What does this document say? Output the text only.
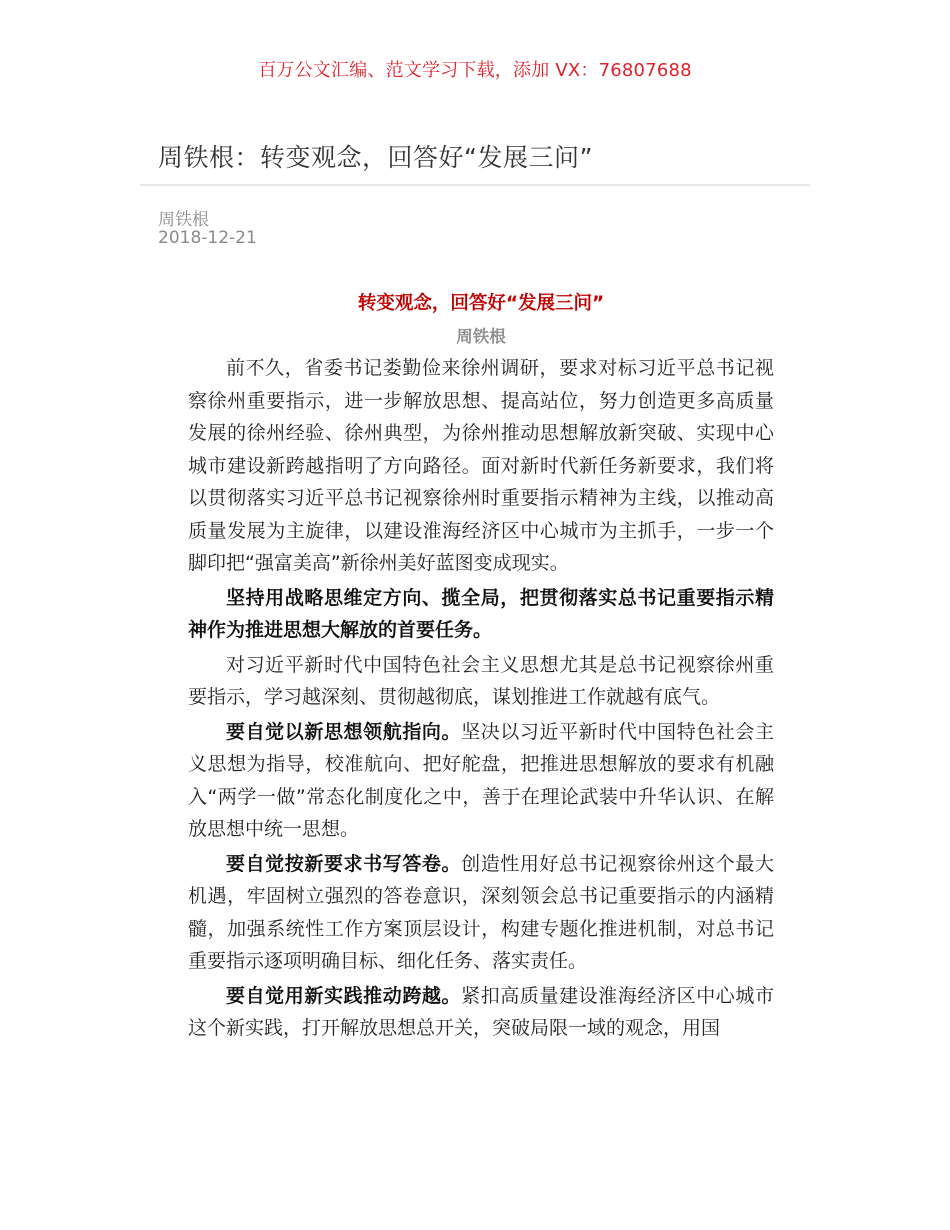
百万公文汇编、范文学习下载，添加 VX：76807688
周铁根：转变观念，回答好“发展三问”
周铁根
2018-12-21
转变观念，回答好“发展三问”
周铁根

前不久，省委书记娄勤俭来徐州调研，要求对标习近平总书记视察徐州重要指示，进一步解放思想、提高站位，努力创造更多高质量发展的徐州经验、徐州典型，为徐州推动思想解放新突破、实现中心城市建设新跨越指明了方向路径。面对新时代新任务新要求，我们将以贯彻落实习近平总书记视察徐州时重要指示精神为主线，以推动高质量发展为主旋律，以建设淮海经济区中心城市为主抓手，一步一个脚印把“强富美高”新徐州美好蓝图变成现实。

坚持用战略思维定方向、揽全局，把贯彻落实总书记重要指示精神作为推进思想大解放的首要任务。

对习近平新时代中国特色社会主义思想尤其是总书记视察徐州重要指示，学习越深刻、贯彻越彻底，谋划推进工作就越有底气。

要自觉以新思想领航指向。坚决以习近平新时代中国特色社会主义思想为指导，校准航向、把好舵盘，把推进思想解放的要求有机融入“两学一做”常态化制度化之中，善于在理论武装中升华认识、在解放思想中统一思想。

要自觉按新要求书写答卷。创造性用好总书记视察徐州这个最大机遇，牢固树立强烈的答卷意识，深刻领会总书记重要指示的内涵精髓，加强系统性工作方案顶层设计，构建专题化推进机制，对总书记重要指示逐项明确目标、细化任务、落实责任。

要自觉用新实践推动跨越。紧扣高质量建设淮海经济区中心城市这个新实践，打开解放思想总开关，突破局限一域的观念，用国
